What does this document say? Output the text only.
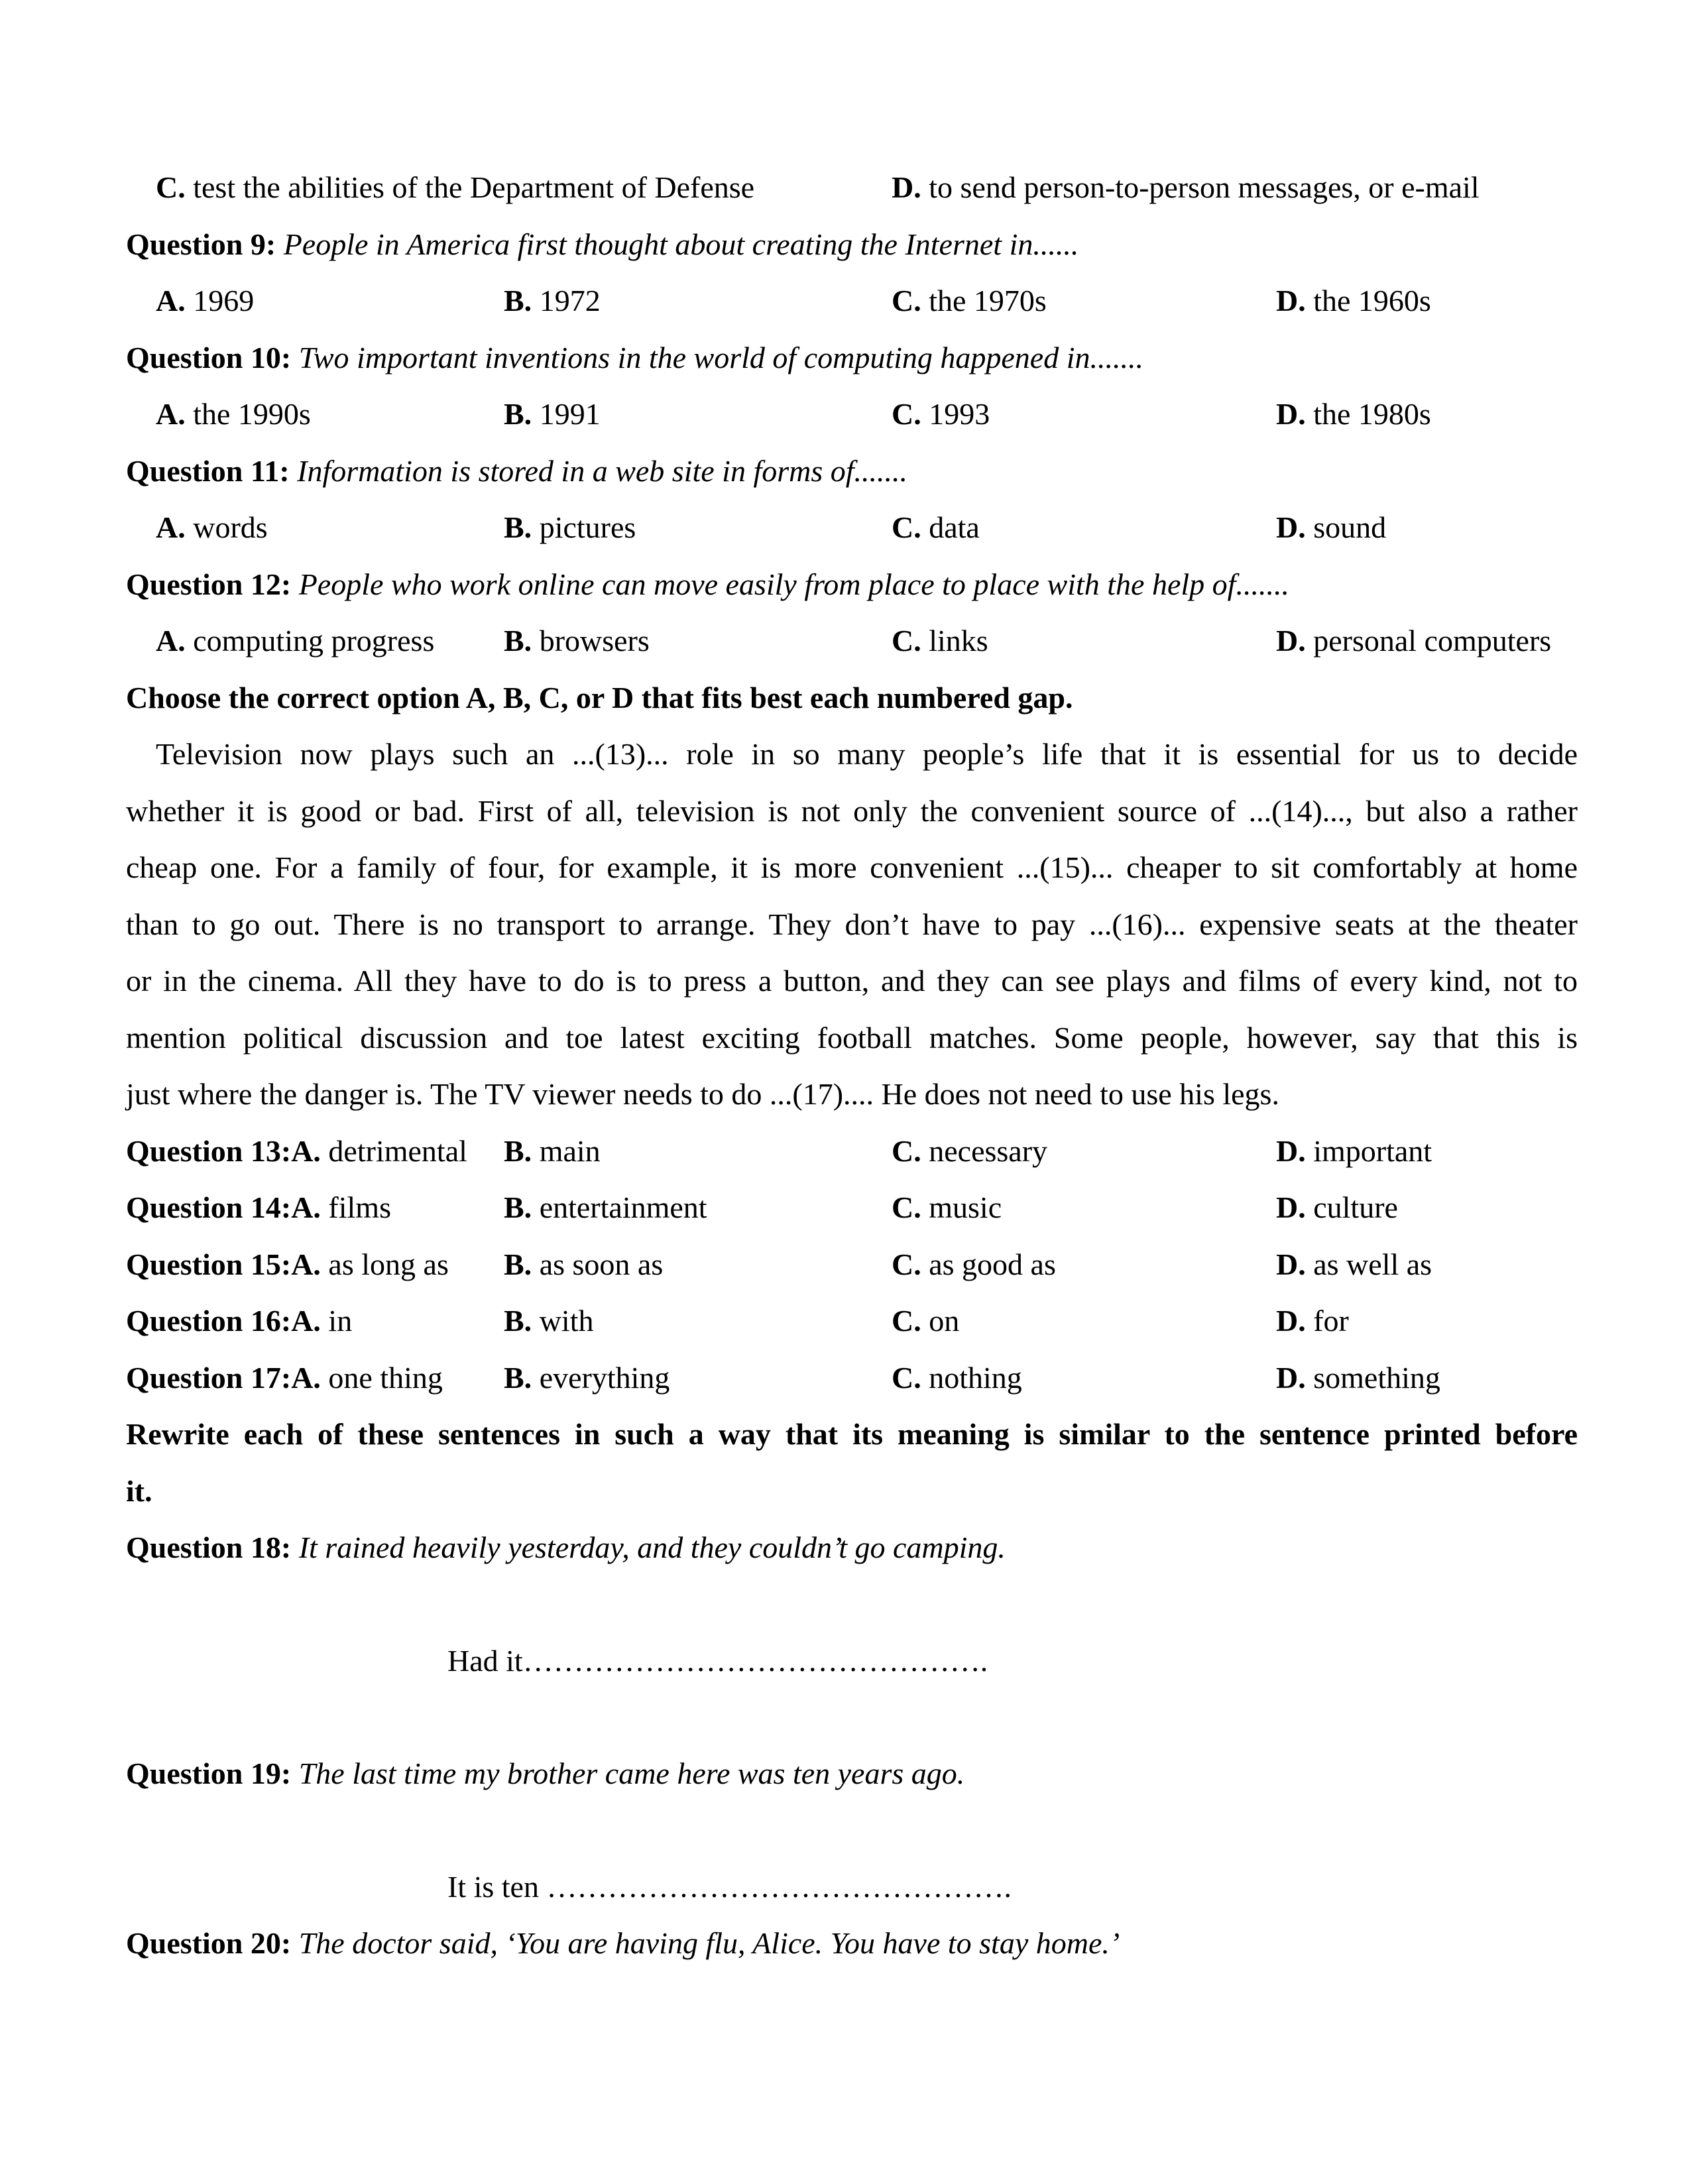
C. test the abilities of the Department of Defense	D. to send person-to-person messages, or e-mail
Question 9: People in America first thought about creating the Internet in......
A. 1969	B. 1972	C. the 1970s	D. the 1960s
Question 10: Two important inventions in the world of computing happened in.......
A. the 1990s	B. 1991	C. 1993	D. the 1980s
Question 11: Information is stored in a web site in forms of.......
A. words	B. pictures	C. data	D. sound
Question 12: People who work online can move easily from place to place with the help of.......
A. computing progress B. browsers	C. links	D. personal computers
Choose the correct option A, B, C, or D that fits best each numbered gap.
Television now plays such an ...(13)... role in so many people’s life that it is essential for us to decide
whether it is good or bad. First of all, television is not only the convenient source of ...(14)..., but also a rather
cheap one. For a family of four, for example, it is more convenient ...(15)... cheaper to sit comfortably at home
than to go out. There is no transport to arrange. They don’t have to pay ...(16)... expensive seats at the theater
or in the cinema. All they have to do is to press a button, and they can see plays and films of every kind, not to
mention political discussion and toe latest exciting football matches. Some people, however, say that this is
just where the danger is. The TV viewer needs to do ...(17).... He does not need to use his legs.
Question 13:A. detrimental B. main	C. necessary	D. important
Question 14:A. films	B. entertainment	C. music	D. culture
Question 15:A. as long as B. as soon as	C. as good as	D. as well as
Question 16:A. in	B. with	C. on	D. for
Question 17:A. one thing B. everything	C. nothing	D. something
Rewrite each of these sentences in such a way that its meaning is similar to the sentence printed before
it.
Question 18: It rained heavily yesterday, and they couldn’t go camping.
Had it……………………………………….
Question 19: The last time my brother came here was ten years ago.
It is ten ……………………………………….
Question 20: The doctor said, ‘You are having flu, Alice. You have to stay home.’
